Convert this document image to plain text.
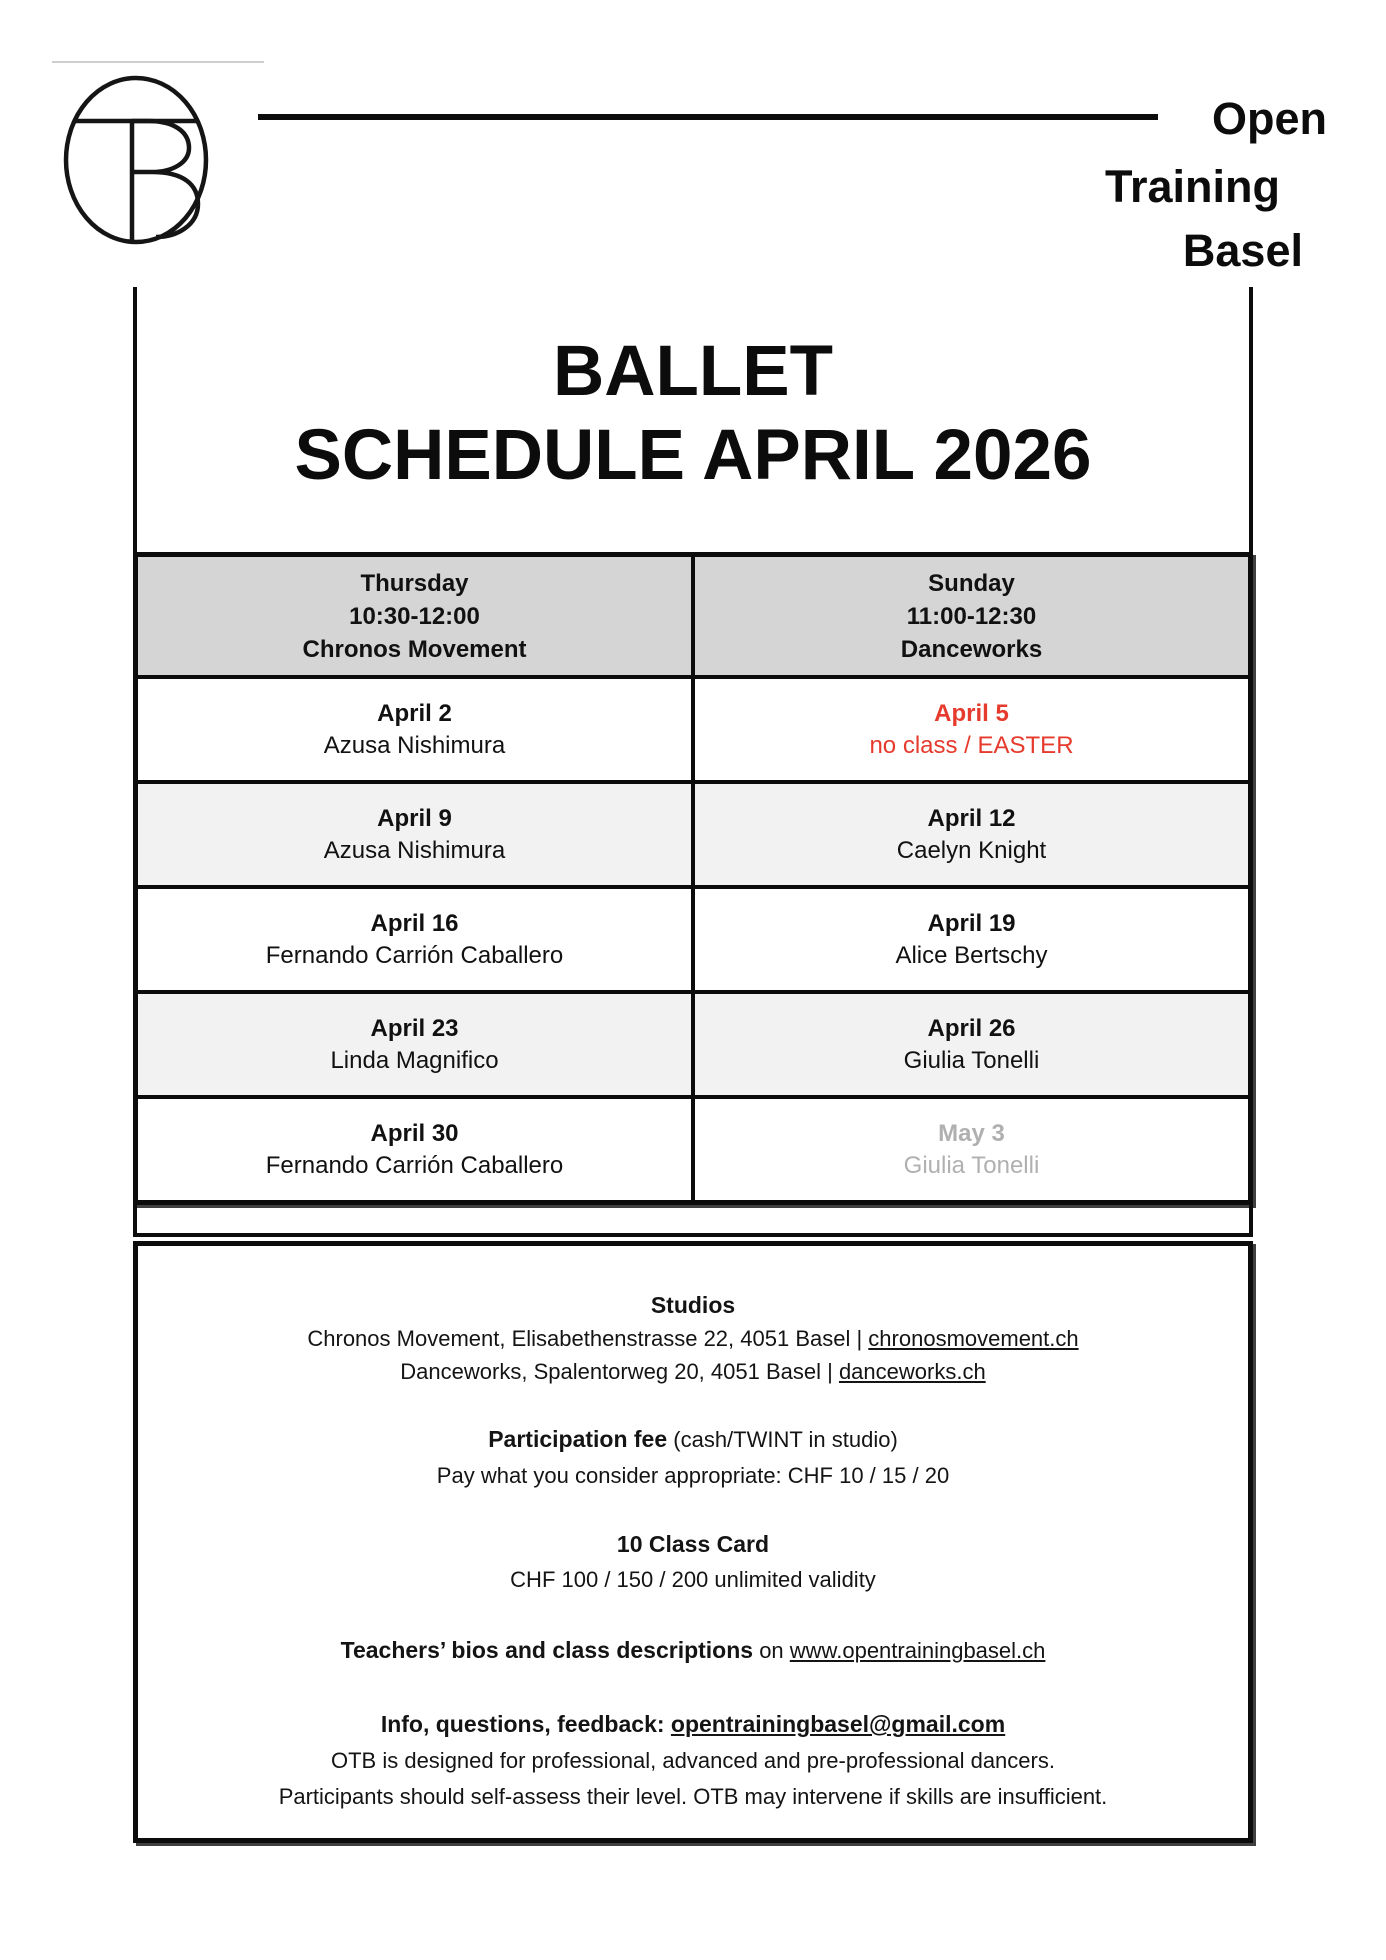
Open
Training
Basel
BALLET
SCHEDULE APRIL 2026
Thursday
10:30-12:00
Chronos Movement
Sunday
11:00-12:30
Danceworks
April 2
Azusa Nishimura
April 5
no class / EASTER
April 9
Azusa Nishimura
April 12
Caelyn Knight
April 16
Fernando Carrión Caballero
April 19
Alice Bertschy
April 23
Linda Magnifico
April 26
Giulia Tonelli
April 30
Fernando Carrión Caballero
May 3
Giulia Tonelli
Studios
Chronos Movement, Elisabethenstrasse 22, 4051 Basel | chronosmovement.ch
Danceworks, Spalentorweg 20, 4051 Basel | danceworks.ch
Participation fee (cash/TWINT in studio)
Pay what you consider appropriate: CHF 10 / 15 / 20
10 Class Card
CHF 100 / 150 / 200 unlimited validity
Teachers’ bios and class descriptions on www.opentrainingbasel.ch
Info, questions, feedback: opentrainingbasel@gmail.com
OTB is designed for professional, advanced and pre-professional dancers.
Participants should self-assess their level. OTB may intervene if skills are insufficient.
